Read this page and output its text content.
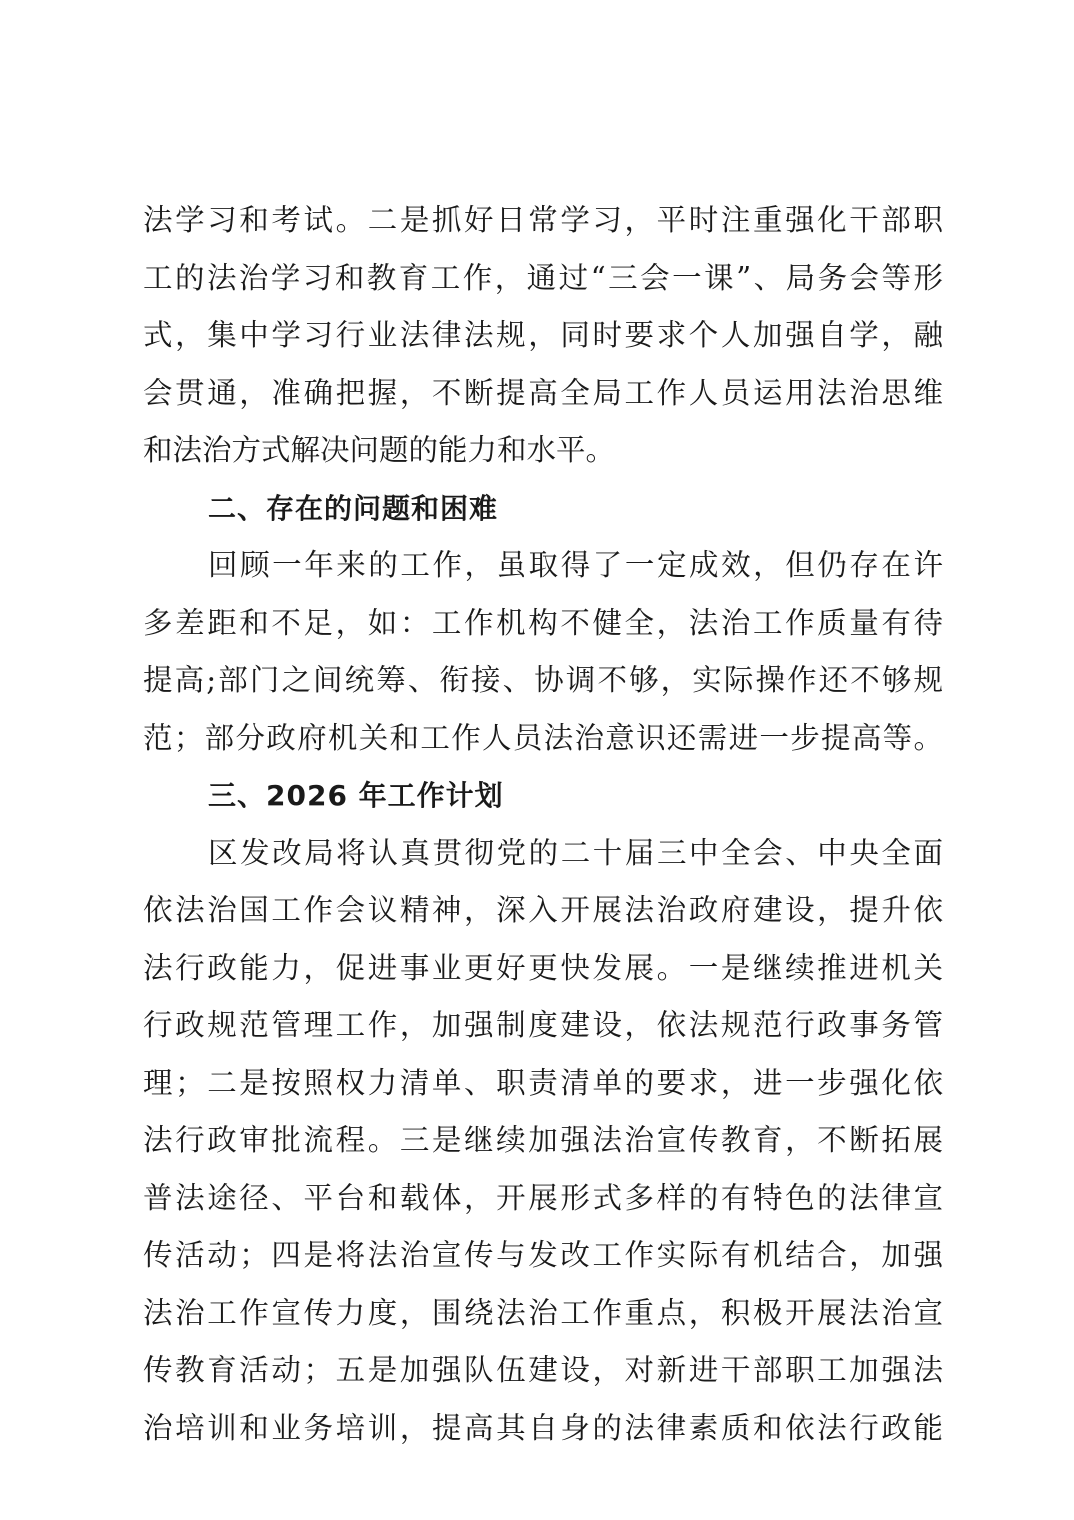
法学习和考试。二是抓好日常学习，平时注重强化干部职
工的法治学习和教育工作，通过“三会一课”、局务会等形
式，集中学习行业法律法规，同时要求个人加强自学，融
会贯通，准确把握，不断提高全局工作人员运用法治思维
和法治方式解决问题的能力和水平。
二、存在的问题和困难
回顾一年来的工作，虽取得了一定成效，但仍存在许
多差距和不足，如：工作机构不健全，法治工作质量有待
提高;部门之间统筹、衔接、协调不够，实际操作还不够规
范；部分政府机关和工作人员法治意识还需进一步提高等。
三、2026 年工作计划
区发改局将认真贯彻党的二十届三中全会、中央全面
依法治国工作会议精神，深入开展法治政府建设，提升依
法行政能力，促进事业更好更快发展。一是继续推进机关
行政规范管理工作，加强制度建设，依法规范行政事务管
理；二是按照权力清单、职责清单的要求，进一步强化依
法行政审批流程。三是继续加强法治宣传教育，不断拓展
普法途径、平台和载体，开展形式多样的有特色的法律宣
传活动；四是将法治宣传与发改工作实际有机结合，加强
法治工作宣传力度，围绕法治工作重点，积极开展法治宣
传教育活动；五是加强队伍建设，对新进干部职工加强法
治培训和业务培训，提高其自身的法律素质和依法行政能
